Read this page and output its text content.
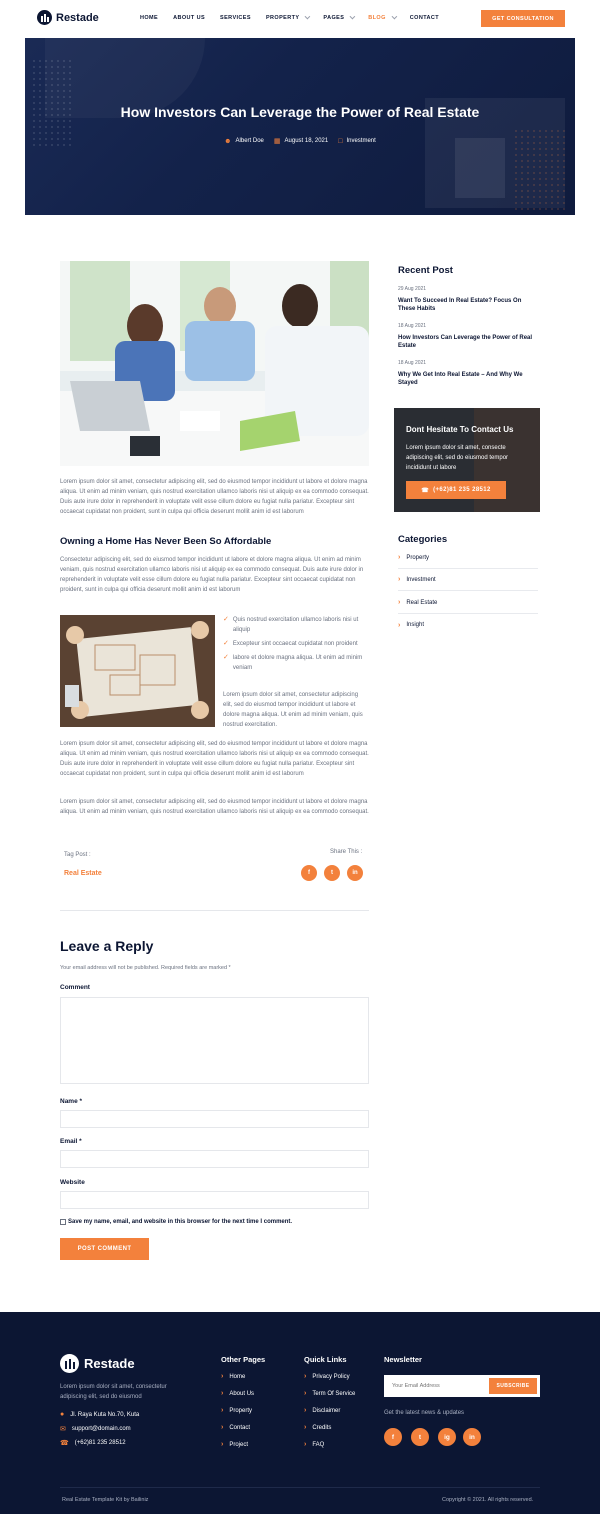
Restade	HOME	ABOUT US	SERVICES	PROPERTY	PAGES	BLOG	CONTACT	GET CONSULTATION
How Investors Can Leverage the Power of Real Estate
☻ Albert Doe ▦ August 18, 2021 □ Investment

Lorem ipsum dolor sit amet, consectetur adipiscing elit, sed do eiusmod tempor incididunt ut labore et dolore magna aliqua. Ut enim ad minim veniam, quis nostrud exercitation ullamco laboris nisi ut aliquip ex ea commodo consequat. Duis aute irure dolor in reprehenderit in voluptate velit esse cillum dolore eu fugiat nulla pariatur. Excepteur sint occaecat cupidatat non proident, sunt in culpa qui officia deserunt mollit anim id est laborum

Owning a Home Has Never Been So Affordable

Consectetur adipiscing elit, sed do eiusmod tempor incididunt ut labore et dolore magna aliqua. Ut enim ad minim veniam, quis nostrud exercitation ullamco laboris nisi ut aliquip ex ea commodo consequat. Duis aute irure dolor in reprehenderit in voluptate velit esse cillum dolore eu fugiat nulla pariatur. Excepteur sint occaecat cupidatat non proident, sunt in culpa qui officia deserunt mollit anim id est laborum

✓ Quis nostrud exercitation ullamco laboris nisi ut aliquip
✓ Excepteur sint occaecat cupidatat non proident
✓ labore et dolore magna aliqua. Ut enim ad minim veniam

Lorem ipsum dolor sit amet, consectetur adipiscing elit, sed do eiusmod tempor incididunt ut labore et dolore magna aliqua. Ut enim ad minim veniam, quis nostrud exercitation.

Lorem ipsum dolor sit amet, consectetur adipiscing elit, sed do eiusmod tempor incididunt ut labore et dolore magna aliqua. Ut enim ad minim veniam, quis nostrud exercitation ullamco laboris nisi ut aliquip ex ea commodo consequat. Duis aute irure dolor in reprehenderit in voluptate velit esse cillum dolore eu fugiat nulla pariatur. Excepteur sint occaecat cupidatat non proident, sunt in culpa qui officia deserunt mollit anim id est laborum

Lorem ipsum dolor sit amet, consectetur adipiscing elit, sed do eiusmod tempor incididunt ut labore et dolore magna aliqua. Ut enim ad minim veniam, quis nostrud exercitation ullamco laboris nisi ut aliquip ex ea commodo consequat.

Tag Post :
Real Estate
Share This :
f	t	in
Leave a Reply

Your email address will not be published. Required fields are marked *

Comment
Name *
Email *
Website
Save my name, email, and website in this browser for the next time I comment.
POST COMMENT
Recent Post
29 Aug 2021
Want To Succeed In Real Estate? Focus On These Habits
18 Aug 2021
How Investors Can Leverage the Power of Real Estate
18 Aug 2021
Why We Get Into Real Estate – And Why We Stayed
Dont Hesitate To Contact Us
Lorem ipsum dolor sit amet, consecte adipiscing elit, sed do eiusmod tempor incididunt ut labore
☎ (+62)81 235 28512
Categories
› Property
› Investment
› Real Estate
› Insight
Restade

Lorem ipsum dolor sit amet, consectetur adipiscing elit, sed do eiusmod

● Jl. Raya Kuta No.70, Kuta
✉ support@domain.com
☎ (+62)81 235 28512
Other Pages
› Home
› About Us
› Property
› Contact
› Project
Quick Links
› Privacy Policy
› Term Of Service
› Disclaimer
› Credits
› FAQ
Newsletter
Your Email Address
SUBSCRIBE
Get the latest news & updates
f	t	ig	in
Real Estate Template Kit by Bailiniz	Copyright © 2021. All rights reserved.
